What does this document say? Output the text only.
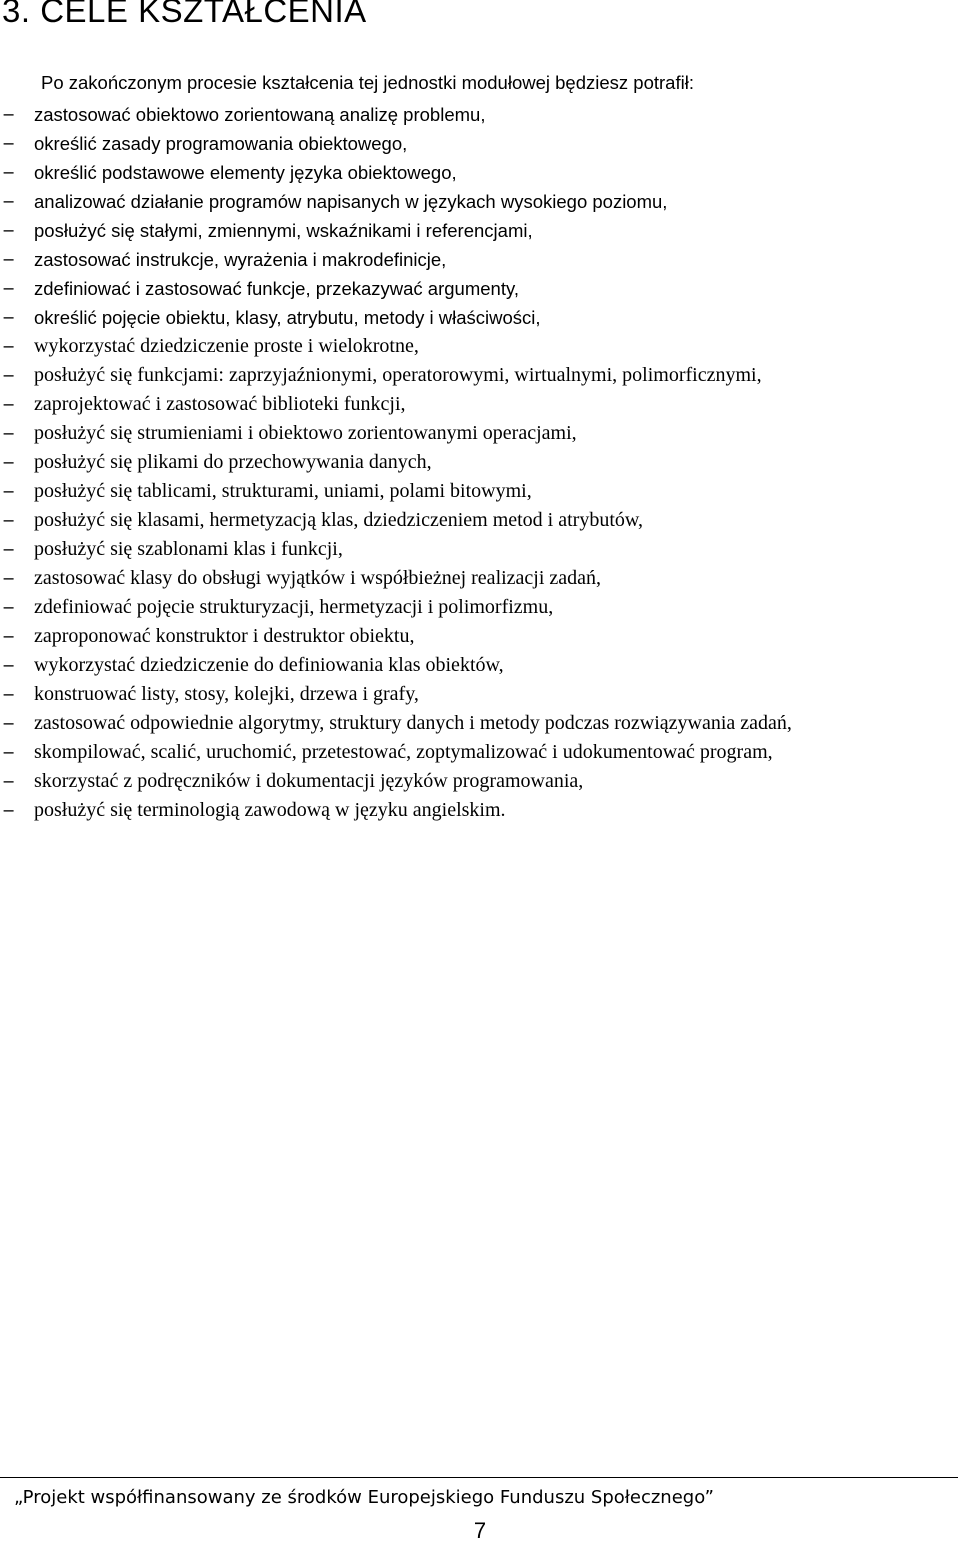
3. CELE KSZTAŁCENIA
Po zakończonym procesie kształcenia tej jednostki modułowej będziesz potrafił:
− zastosować obiektowo zorientowaną analizę problemu,
− określić zasady programowania obiektowego,
− określić podstawowe elementy języka obiektowego,
− analizować działanie programów napisanych w językach wysokiego poziomu,
− posłużyć się stałymi, zmiennymi, wskaźnikami i referencjami,
− zastosować instrukcje, wyrażenia i makrodefinicje,
− zdefiniować i zastosować funkcje, przekazywać argumenty,
− określić pojęcie obiektu, klasy, atrybutu, metody i właściwości,
− wykorzystać dziedziczenie proste i wielokrotne,
− posłużyć się funkcjami: zaprzyjaźnionymi, operatorowymi, wirtualnymi, polimorficznymi,
− zaprojektować i zastosować biblioteki funkcji,
− posłużyć się strumieniami i obiektowo zorientowanymi operacjami,
− posłużyć się plikami do przechowywania danych,
− posłużyć się tablicami, strukturami, uniami, polami bitowymi,
− posłużyć się klasami, hermetyzacją klas, dziedziczeniem metod i atrybutów,
− posłużyć się szablonami klas i funkcji,
− zastosować klasy do obsługi wyjątków i współbieżnej realizacji zadań,
− zdefiniować pojęcie strukturyzacji, hermetyzacji i polimorfizmu,
− zaproponować konstruktor i destruktor obiektu,
− wykorzystać dziedziczenie do definiowania klas obiektów,
− konstruować listy, stosy, kolejki, drzewa i grafy,
− zastosować odpowiednie algorytmy, struktury danych i metody podczas rozwiązywania zadań,
− skompilować, scalić, uruchomić, przetestować, zoptymalizować i udokumentować program,
− skorzystać z podręczników i dokumentacji języków programowania,
− posłużyć się terminologią zawodową w języku angielskim.
„Projekt współfinansowany ze środków Europejskiego Funduszu Społecznego”
7
